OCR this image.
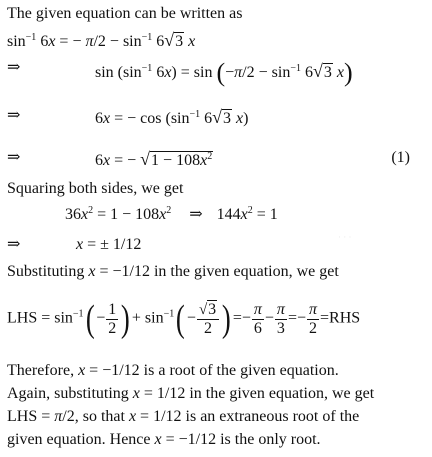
The given equation can be written as
$\sin^{-1} 6x$ = − $\pi/2 - \sin^{-1} 6√3$ x
⇒	$\sin (\sin^{-1}$ $6x) = \sin (-\pi/2 - \sin^{-1} 6√3$ x)
⇒	6x = − $\cos (\sin^{-1}$ 6√3 x)
⇒	6x = − $√1 - 108x^2$	(1)
Squaring both sides, we get
$36x^2 = 1 - 108x^2$ ⇒ $144x^2 = 1$
· · ·
⇒	x = ± 1/12
Substituting x = −1/12 in the given equation, we get
LHS = $\sin^{-1}( - \frac{1}{2}$ ) + $\sin^{-1}( - \frac{√3}{2}$ ) =− $\frac{\pi}{6} - \frac{\pi}{3} =- \frac{\pi}{2} =RHS$
Therefore, x = −1/12 is a root of the given equation.
Again, substituting x = 1/12 in the given equation, we get
LHS = π/2, so that x = 1/12 is an extraneous root of the
given equation. Hence x = −1/12 is the only root.
